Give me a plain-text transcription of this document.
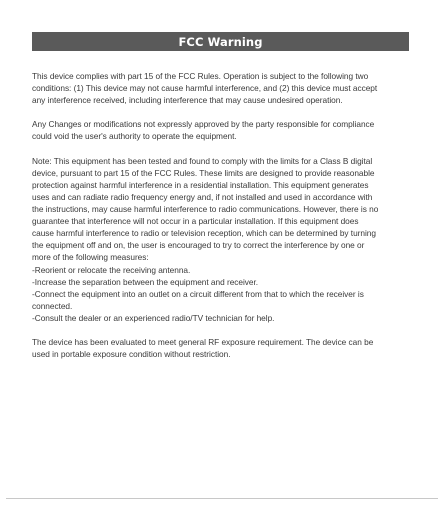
FCC Warning
This device complies with part 15 of the FCC Rules. Operation is subject to the following two
conditions: (1) This device may not cause harmful interference, and (2) this device must accept
any interference received, including interference that may cause undesired operation.
Any Changes or modifications not expressly approved by the party responsible for compliance
could void the user's authority to operate the equipment.
Note: This equipment has been tested and found to comply with the limits for a Class B digital
device, pursuant to part 15 of the FCC Rules. These limits are designed to provide reasonable
protection against harmful interference in a residential installation. This equipment generates
uses and can radiate radio frequency energy and, if not installed and used in accordance with
the instructions, may cause harmful interference to radio communications. However, there is no
guarantee that interference will not occur in a particular installation. If this equipment does
cause harmful interference to radio or television reception, which can be determined by turning
the equipment off and on, the user is encouraged to try to correct the interference by one or
more of the following measures:
-Reorient or relocate the receiving antenna.
-Increase the separation between the equipment and receiver.
-Connect the equipment into an outlet on a circuit different from that to which the receiver is
connected.
-Consult the dealer or an experienced radio/TV technician for help.
The device has been evaluated to meet general RF exposure requirement. The device can be
used in portable exposure condition without restriction.
